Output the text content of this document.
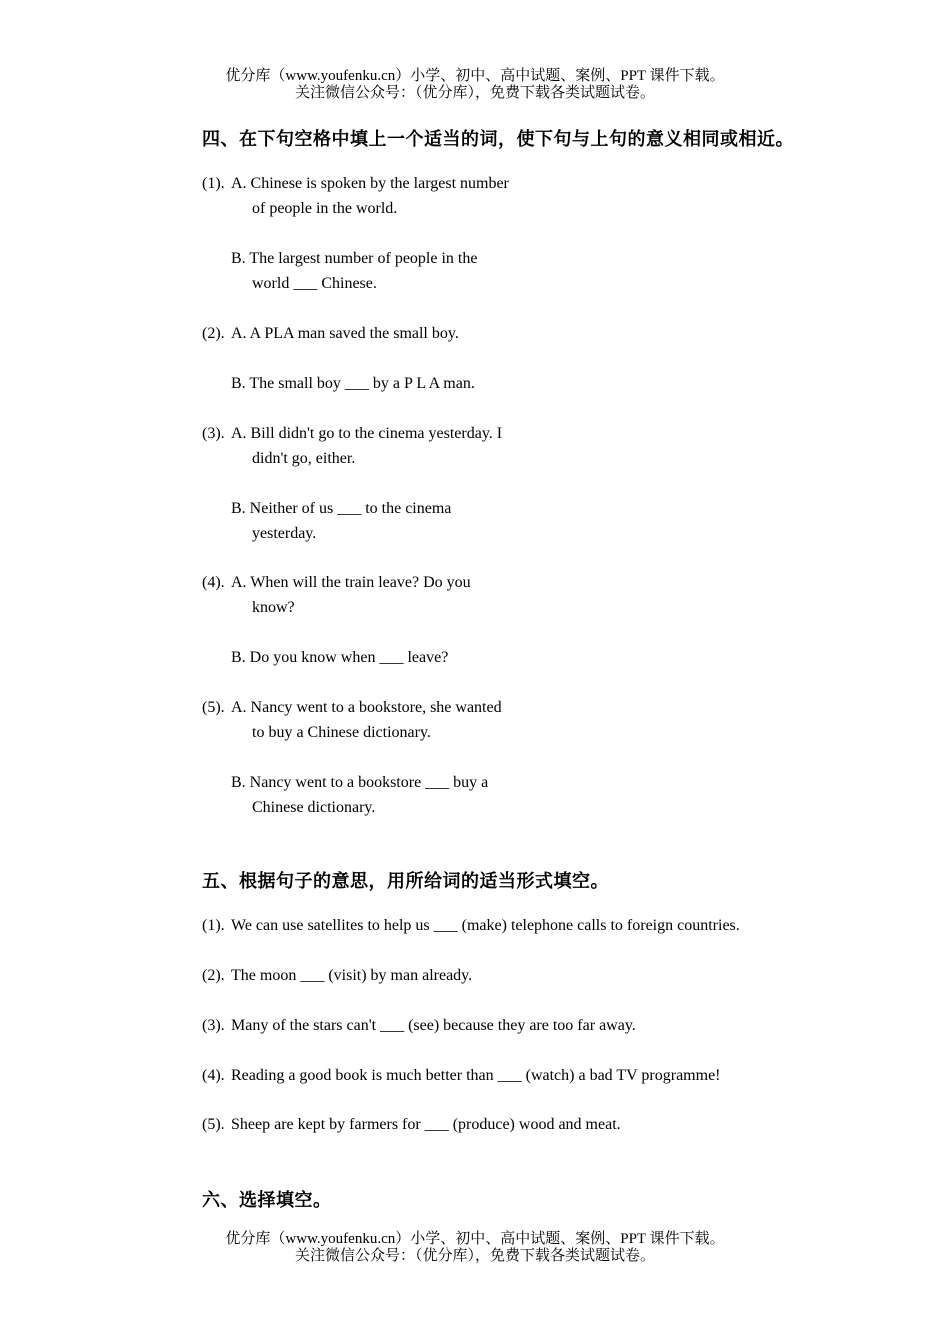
优分库（www.youfenku.cn）小学、初中、高中试题、案例、PPT 课件下载。
关注微信公众号：（优分库），免费下载各类试题试卷。
四、在下句空格中填上一个适当的词，使下句与上句的意义相同或相近。
(1). A. Chinese is spoken by the largest number
of people in the world.
B. The largest number of people in the
world ___ Chinese.
(2). A. A PLA man saved the small boy.
B. The small boy ___ by a P L A man.
(3). A. Bill didn't go to the cinema yesterday. I
didn't go, either.
B. Neither of us ___ to the cinema
yesterday.
(4). A. When will the train leave? Do you
know?
B. Do you know when ___ leave?
(5). A. Nancy went to a bookstore, she wanted
to buy a Chinese dictionary.
B. Nancy went to a bookstore ___ buy a
Chinese dictionary.
五、根据句子的意思，用所给词的适当形式填空。
(1). We can use satellites to help us ___ (make) telephone calls to foreign countries.
(2). The moon ___ (visit) by man already.
(3). Many of the stars can't ___ (see) because they are too far away.
(4). Reading a good book is much better than ___ (watch) a bad TV programme!
(5). Sheep are kept by farmers for ___ (produce) wood and meat.
六、选择填空。
优分库（www.youfenku.cn）小学、初中、高中试题、案例、PPT 课件下载。
关注微信公众号：（优分库），免费下载各类试题试卷。
